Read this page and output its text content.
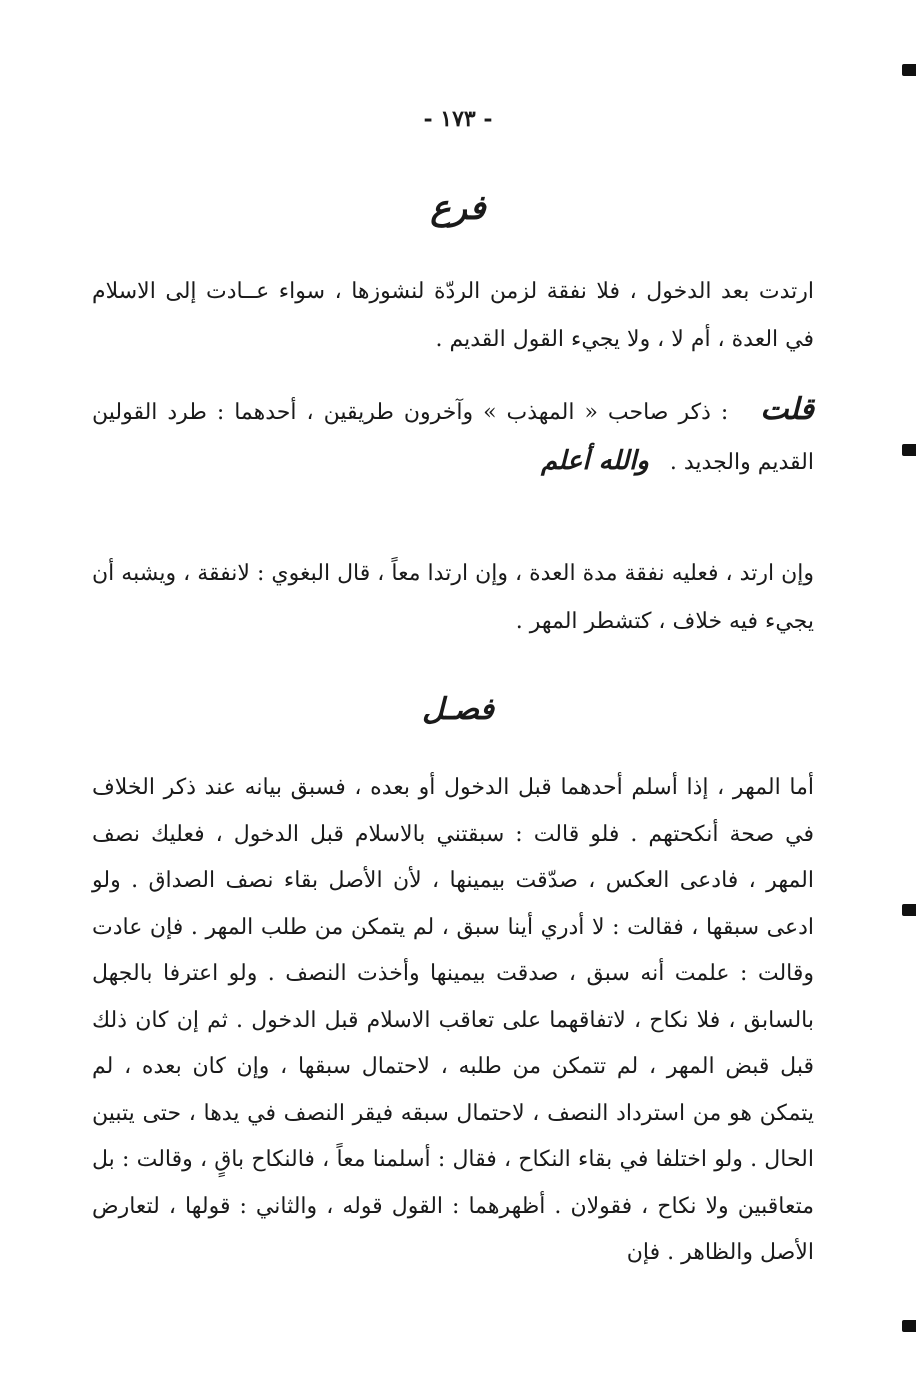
- ١٧٣ -
فرع

ارتدت بعد الدخول ، فلا نفقة لزمن الردّة لنشوزها ، سواء عــادت إلى الاسلام في العدة ، أم لا ، ولا يجيء القول القديم .

قلت : ذكر صاحب « المهذب » وآخرون طريقين ، أحدهما : طرد القولين القديم والجديد . والله أعلم

وإن ارتد ، فعليه نفقة مدة العدة ، وإن ارتدا معاً ، قال البغوي : لانفقة ، ويشبه أن يجيء فيه خلاف ، كتشطر المهر .

فصـل

أما المهر ، إذا أسلم أحدهما قبل الدخول أو بعده ، فسبق بيانه عند ذكر الخلاف في صحة أنكحتهم . فلو قالت : سبقتني بالاسلام قبل الدخول ، فعليك نصف المهر ، فادعى العكس ، صدّقت بيمينها ، لأن الأصل بقاء نصف الصداق . ولو ادعى سبقها ، فقالت : لا أدري أينا سبق ، لم يتمكن من طلب المهر . فإن عادت وقالت : علمت أنه سبق ، صدقت بيمينها وأخذت النصف . ولو اعترفا بالجهل بالسابق ، فلا نكاح ، لاتفاقهما على تعاقب الاسلام قبل الدخول . ثم إن كان ذلك قبل قبض المهر ، لم تتمكن من طلبه ، لاحتمال سبقها ، وإن كان بعده ، لم يتمكن هو من استرداد النصف ، لاحتمال سبقه فيقر النصف في يدها ، حتى يتبين الحال . ولو اختلفا في بقاء النكاح ، فقال : أسلمنا معاً ، فالنكاح باقٍ ، وقالت : بل متعاقبين ولا نكاح ، فقولان . أظهرهما : القول قوله ، والثاني : قولها ، لتعارض الأصل والظاهر . فإن
